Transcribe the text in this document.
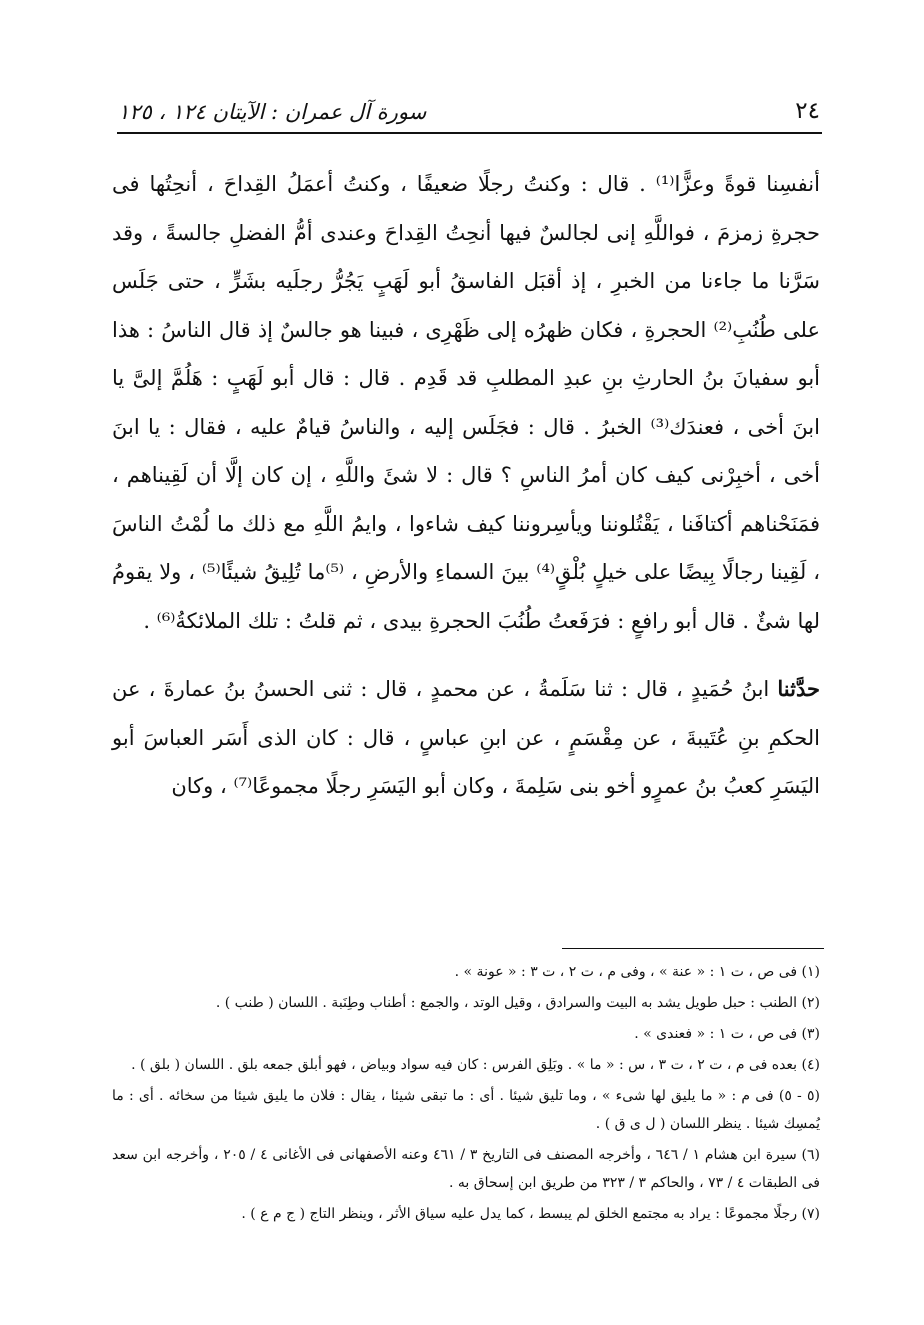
٢٤
سورة آل عمران : الآيتان ١٢٤ ، ١٢٥

أنفسِنا قوةً وعزًّا⁽¹⁾ . قال : وكنتُ رجلًا ضعيفًا ، وكنتُ أعمَلُ القِداحَ ، أنحِتُها فى حجرةِ زمزمَ ، فواللَّهِ إنى لجالسٌ فيها أنحِتُ القِداحَ وعندى أمُّ الفضلِ جالسةً ، وقد سَرَّنا ما جاءنا من الخبرِ ، إذ أقبَل الفاسقُ أبو لَهَبٍ يَجُرُّ رجلَيه بشَرٍّ ، حتى جَلَس على طُنُبِ⁽²⁾ الحجرةِ ، فكان ظهرُه إلى ظَهْرِى ، فبينا هو جالسٌ إذ قال الناسُ : هذا أبو سفيانَ بنُ الحارثِ بنِ عبدِ المطلبِ قد قَدِم . قال : قال أبو لَهَبٍ : هَلُمَّ إلىَّ يا ابنَ أخى ، فعندَك⁽³⁾ الخبرُ . قال : فجَلَس إليه ، والناسُ قيامٌ عليه ، فقال : يا ابنَ أخى ، أخبِرْنى كيف كان أمرُ الناسِ ؟ قال : لا شئَ واللَّهِ ، إن كان إلَّا أن لَقِيناهم ، فمَنَحْناهم أكتافَنا ، يَقْتُلوننا ويأسِروننا كيف شاءوا ، وايمُ اللَّهِ مع ذلك ما لُمْتُ الناسَ ، لَقِينا رجالًا بِيضًا على خيلٍ بُلْقٍ⁽⁴⁾ بينَ السماءِ والأرضِ ، ⁽⁵⁾ما تُلِيقُ شيئًا⁽⁵⁾ ، ولا يقومُ لها شئٌ . قال أبو رافعٍ : فرَفَعتُ طُنُبَ الحجرةِ بيدى ، ثم قلتُ : تلك الملائكةُ⁽⁶⁾ .

حدَّثنا ابنُ حُمَيدٍ ، قال : ثنا سَلَمةُ ، عن محمدٍ ، قال : ثنى الحسنُ بنُ عمارةَ ، عن الحكمِ بنِ عُتَيبةَ ، عن مِقْسَمٍ ، عن ابنِ عباسٍ ، قال : كان الذى أَسَر العباسَ أبو اليَسَرِ كعبُ بنُ عمرٍو أخو بنى سَلِمةَ ، وكان أبو اليَسَرِ رجلًا مجموعًا⁽⁷⁾ ، وكان

(١) فى ص ، ت ١ : « عنة » ، وفى م ، ت ٢ ، ت ٣ : « عونة » .

(٢) الطنب : حبل طويل يشد به البيت والسرادق ، وقيل الوتد ، والجمع : أطناب وطِنَبة . اللسان ( طنب ) .

(٣) فى ص ، ت ١ : « فعندى » .

(٤) بعده فى م ، ت ٢ ، ت ٣ ، س : « ما » . وبَلِق الفرس : كان فيه سواد وبياض ، فهو أبلق جمعه بلق . اللسان ( بلق ) .

(٥ - ٥) فى م : « ما يليق لها شىء » ، وما تليق شيئا . أى : ما تبقى شيئا ، يقال : فلان ما يليق شيئا من سخائه . أى : ما يُمسِك شيئا . ينظر اللسان ( ل ى ق ) .

(٦) سيرة ابن هشام ١ / ٦٤٦ ، وأخرجه المصنف فى التاريخ ٣ / ٤٦١ وعنه الأصفهانى فى الأغانى ٤ / ٢٠٥ ، وأخرجه ابن سعد فى الطبقات ٤ / ٧٣ ، والحاكم ٣ / ٣٢٣ من طريق ابن إسحاق به .

(٧) رجلًا مجموعًا : يراد به مجتمع الخلق لم يبسط ، كما يدل عليه سياق الأثر ، وينظر التاج ( ج م ع ) .
